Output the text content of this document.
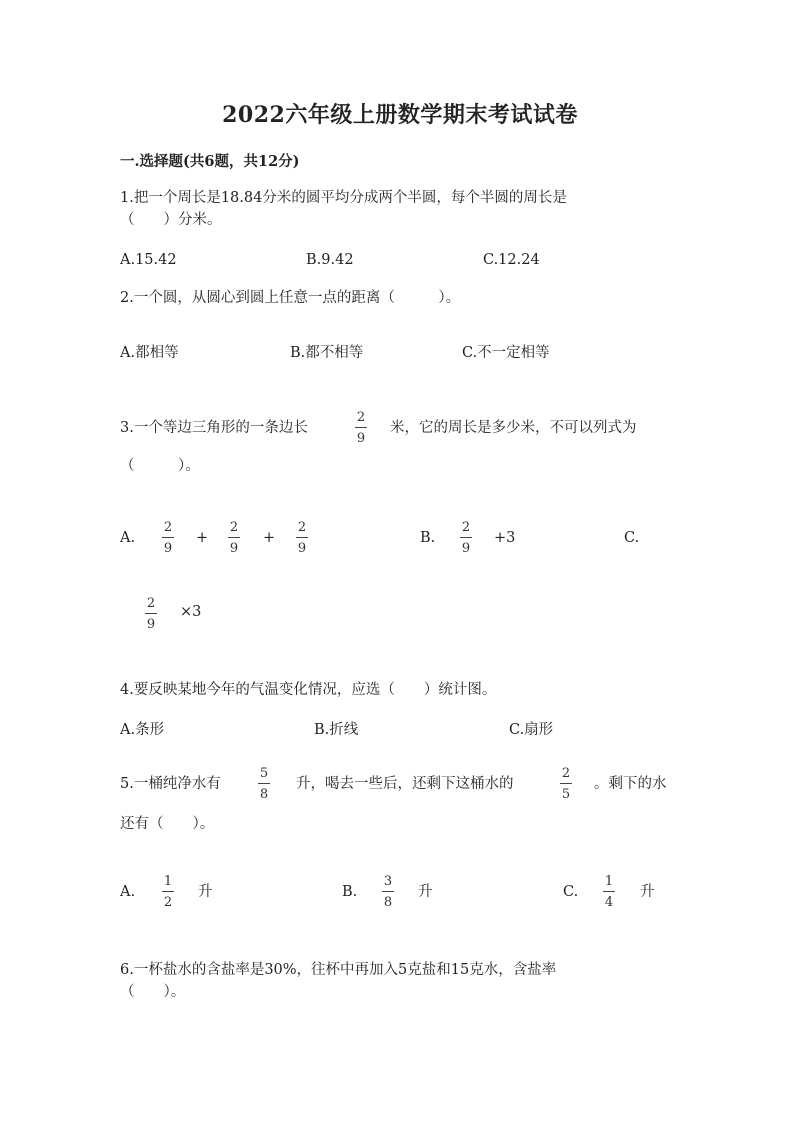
2022六年级上册数学期末考试试卷
一.选择题(共6题，共12分)
1.把一个周长是18.84分米的圆平均分成两个半圆，每个半圆的周长是
（　　）分米。
A.15.42	B.9.42	C.12.24
2.一个圆，从圆心到圆上任意一点的距离（　　　）。
A.都相等	B.都不相等	C.不一定相等
3.一个等边三角形的一条边长
2
9
米，它的周长是多少米，不可以列式为
（　　　）。
A.
2
9
+
2
9
+
2
9
B.
2
9
+3	C.
2
9
×3
4.要反映某地今年的气温变化情况，应选（　　）统计图。
A.条形	B.折线	C.扇形
5.一桶纯净水有
5
8
升，喝去一些后，还剩下这桶水的
2
5
。剩下的水
还有（　　）。
A.
1
2
升	B.
3
8
升	C.
1
4
升
6.一杯盐水的含盐率是30%，往杯中再加入5克盐和15克水，含盐率
（　　）。
